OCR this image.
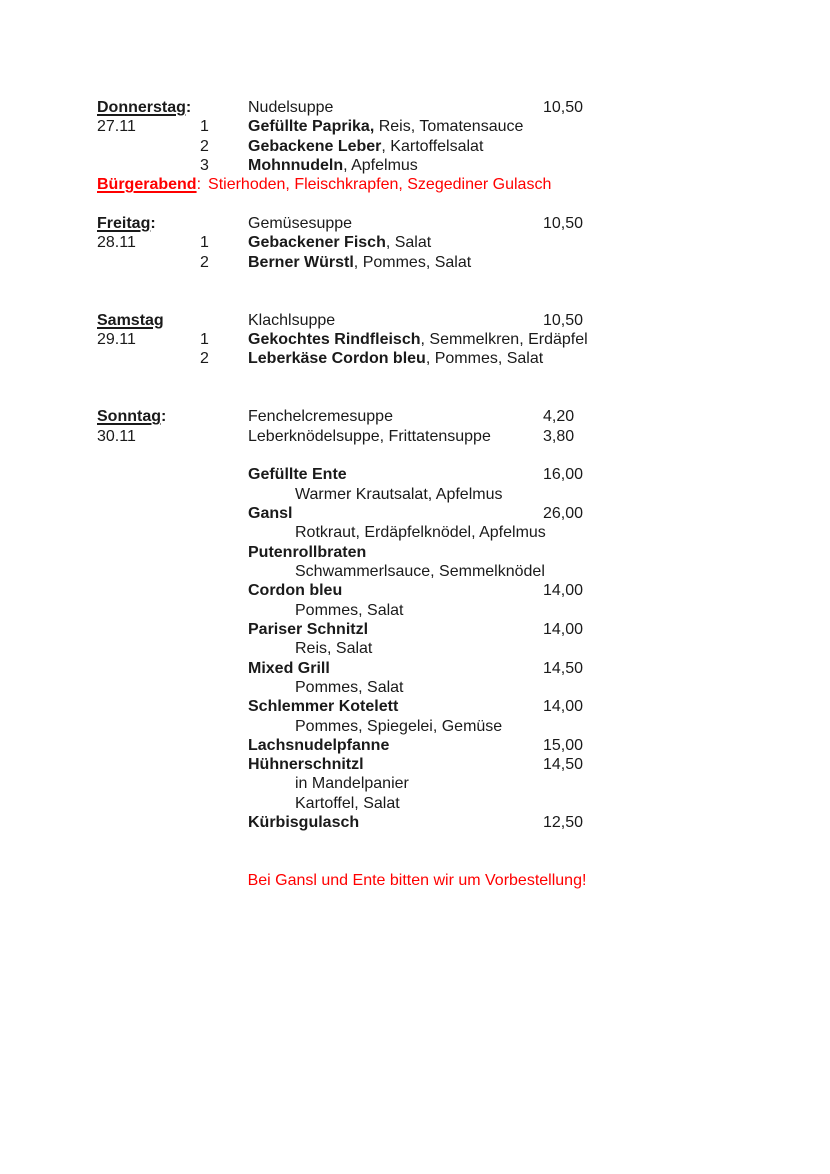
Donnerstag:	Nudelsuppe	10,50
27.11	1 Gefüllte Paprika, Reis, Tomatensauce
2 Gebackene Leber, Kartoffelsalat
3 Mohnnudeln, Apfelmus
Bürgerabend: Stierhoden, Fleischkrapfen, Szegediner Gulasch
Freitag:	Gemüsesuppe	10,50
28.11	1 Gebackener Fisch, Salat
2 Berner Würstl, Pommes, Salat
Samstag	Klachlsuppe	10,50
29.11	1 Gekochtes Rindfleisch, Semmelkren, Erdäpfel
2 Leberkäse Cordon bleu, Pommes, Salat
Sonntag:	Fenchelcremesuppe	4,20
30.11	Leberknödelsuppe, Frittatensuppe	3,80
Gefüllte Ente	16,00
Warmer Krautsalat, Apfelmus
Gansl	26,00
Rotkraut, Erdäpfelknödel, Apfelmus
Putenrollbraten
Schwammerlsauce, Semmelknödel
Cordon bleu	14,00
Pommes, Salat
Pariser Schnitzl	14,00
Reis, Salat
Mixed Grill	14,50
Pommes, Salat
Schlemmer Kotelett	14,00
Pommes, Spiegelei, Gemüse
Lachsnudelpfanne	15,00
Hühnerschnitzl	14,50
in Mandelpanier
Kartoffel, Salat
Kürbisgulasch	12,50
Bei Gansl und Ente bitten wir um Vorbestellung!
